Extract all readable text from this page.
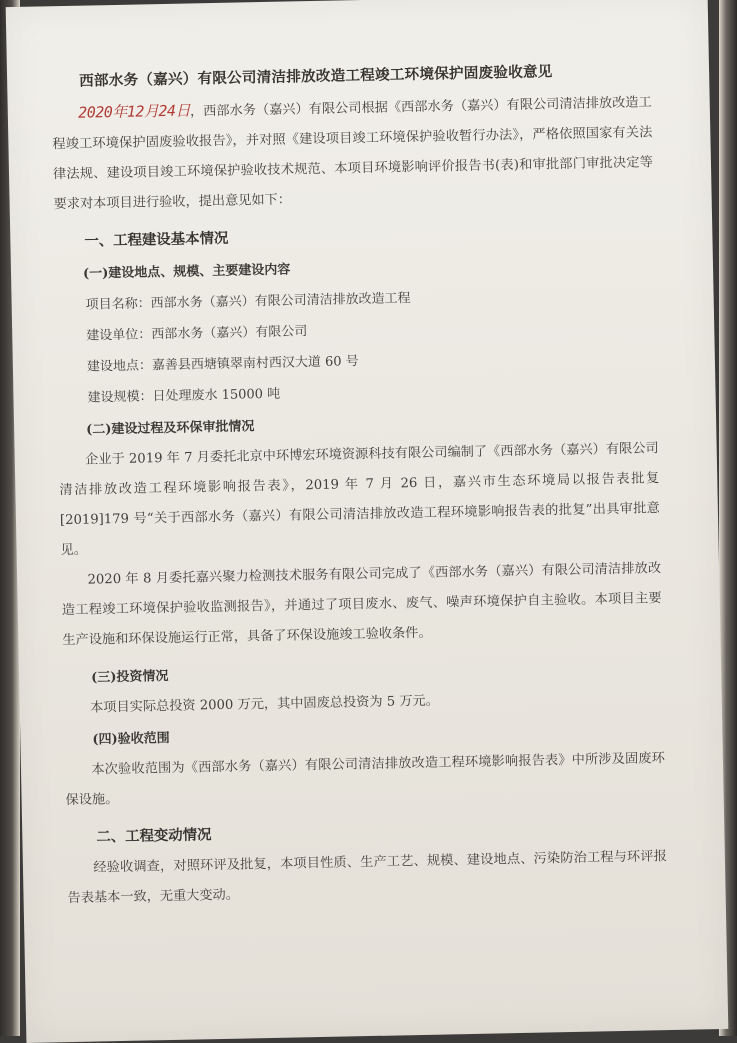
西部水务（嘉兴）有限公司清洁排放改造工程竣工环境保护固废验收意见

2020年12月24日，西部水务（嘉兴）有限公司根据《西部水务（嘉兴）有限公司清洁排放改造工程竣工环境保护固废验收报告》，并对照《建设项目竣工环境保护验收暂行办法》，严格依照国家有关法律法规、建设项目竣工环境保护验收技术规范、本项目环境影响评价报告书(表)和审批部门审批决定等要求对本项目进行验收，提出意见如下：

一、工程建设基本情况
(一)建设地点、规模、主要建设内容
项目名称：西部水务（嘉兴）有限公司清洁排放改造工程
建设单位：西部水务（嘉兴）有限公司
建设地点：嘉善县西塘镇翠南村西汉大道 60 号
建设规模：日处理废水 15000 吨
(二)建设过程及环保审批情况

企业于 2019 年 7 月委托北京中环博宏环境资源科技有限公司编制了《西部水务（嘉兴）有限公司清洁排放改造工程环境影响报告表》，2019 年 7 月 26 日，嘉兴市生态环境局以报告表批复[2019]179 号“关于西部水务（嘉兴）有限公司清洁排放改造工程环境影响报告表的批复”出具审批意见。

2020 年 8 月委托嘉兴聚力检测技术服务有限公司完成了《西部水务（嘉兴）有限公司清洁排放改造工程竣工环境保护验收监测报告》，并通过了项目废水、废气、噪声环境保护自主验收。本项目主要生产设施和环保设施运行正常，具备了环保设施竣工验收条件。

(三)投资情况

本项目实际总投资 2000 万元，其中固废总投资为 5 万元。

(四)验收范围

本次验收范围为《西部水务（嘉兴）有限公司清洁排放改造工程环境影响报告表》中所涉及固废环保设施。

二、工程变动情况

经验收调查，对照环评及批复，本项目性质、生产工艺、规模、建设地点、污染防治工程与环评报告表基本一致，无重大变动。
